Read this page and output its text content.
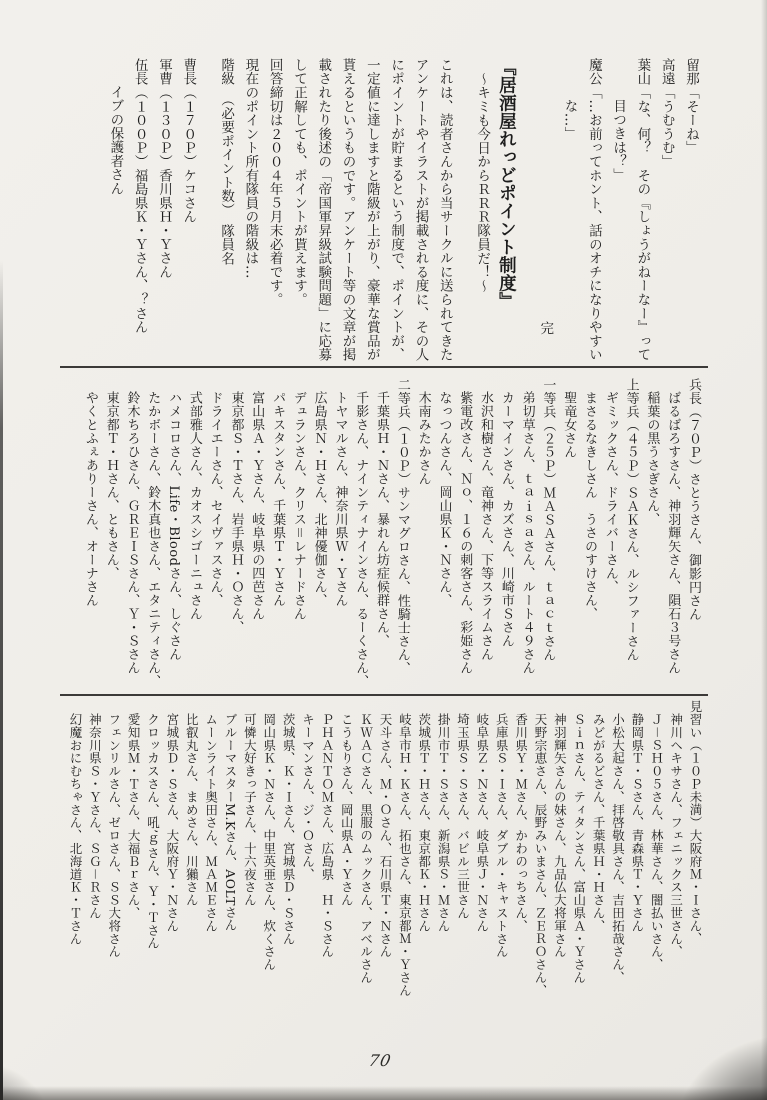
留那「そーね」
高遠「うむうむ」
葉山「な、何？　その『しょうがねーなー』って
目つきは？」
魔公「…お前ってホント、話のオチになりやすい
な…」
完

『居酒屋れっどポイント制度』
～キミも今日からＲＲＲ隊員だ！～

これは、読者さんから当サークルに送られてきた
アンケートやイラストが掲載される度に、その人
にポイントが貯まるという制度で、ポイントが、
一定値に達しますと階級が上がり、豪華な賞品が
貰えるというものです。アンケート等の文章が掲
載されたり後述の「帝国軍昇級試験問題」に応募
して正解しても、ポイントが貰えます。
回答締切は２００４年５月末必着です。
現在のポイント所有隊員の階級は…
階級　（必要ポイント数）　隊員名

曹長（１７０Ｐ）ケコさん
軍曹（１３０Ｐ）香川県Ｈ・Ｙさん
伍長（１００Ｐ）福島県Ｋ・Ｙさん、？さん
イブの保護者さん
兵長（７０Ｐ）さとうさん、御影円さん
ばるばろすさん、神羽輝矢さん、隕石３号さん
稲葉の黒うさぎさん、
上等兵（４５Ｐ）ＳＡＫさん、ルシファーさん
ギミックさん、ドライバーさん、
まさるなきしさん　うさのすけさん、
聖竜女さん
一等兵（２５Ｐ）ＭＡＳＡさん、ｔａｃｔさん
弟切草さん、ｔａｉｓａさん、ルート４９さん
カーマインさん、カズさん、川崎市Ｓさん
水沢和樹さん、竜神さん、下等スライムさん
紫電改さん、Ｎｏ、１６の刺客さん、彩姫さん
なっつんさん、岡山県Ｋ・Ｎさん、
木南みたかさん
二等兵（１０Ｐ）サンマグロさん、性騎士さん、
千葉県Ｈ・Ｎさん、暴れん坊症候群さん、
千影さん、ナインティナインさん、るーくさん、
トヤマルさん、神奈川県Ｗ・Ｙさん
広島県Ｎ・Ｈさん、北神優伽さん、
デュランさん、クリス＝レナードさん
パキスタンさん、千葉県Ｔ・Ｙさん
富山県Ａ・Ｙさん、岐阜県の四芭さん
東京都Ｓ・Ｔさん、岩手県Ｈ・Ｏさん、
ドライエーさん、セイヴァスさん、
式部雅人さん、カオスシゴーニュさん
ハメコロさん、Life・Bloodさん、しぐさん
たかボーさん、鈴木真也さん、エタニティさん、
鈴木ちろひさん、ＧＲＥＩＳさん、Ｙ・Ｓさん
東京都Ｔ・Ｈさん、ともさん、
やくとふぇありーさん、オーナさん
見習い（１０Ｐ未満）大阪府Ｍ・Ｉさん、
神川ヘキサさん、フェニックス三世さん、
Ｊ－ＳＨ０５さん、林華さん、闇払いさん、
静岡県Ｔ・Ｓさん、青森県Ｔ・Ｙさん
小松大起さん、拝啓敬具さん、吉田拓哉さん、
みどがるどさん、千葉県Ｈ・Ｈさん、
Ｓｉｎさん、ティタンさん、富山県Ａ・Ｙさん
神羽輝矢さんの妹さん、九品仏大将軍さん
天野宗恵さん、辰野みいまさん、ＺＥＲＯさん、
香川県Ｙ・Ｍさん、かわのっちさん、
兵庫県Ｓ・Ｉさん、ダブル・キャストさん
岐阜県Ｚ・Ｎさん、岐阜県Ｊ・Ｎさん
埼玉県Ｓ・Ｓさん、バビル三世さん
掛川市Ｔ・Ｓさん、新潟県Ｓ・Ｍさん
茨城県Ｔ・Ｈさん、東京都Ｋ・Ｈさん
岐阜市Ｈ・Ｋさん、拓也さん、東京都Ｍ・Ｙさん
天斗さん、Ｍ・Ｏさん、石川県Ｔ・Ｎさん
ＫＷＡＣさん、黒服のムックさん、アベルさん
こうもりさん、岡山県Ａ・Ｙさん
ＰＨＡＮＴＯＭさん、広島県　Ｈ・Ｓさん
キーマンさん、ジ・Ｏさん、
茨城県、Ｋ・Ｉさん、宮城県Ｄ・Ｓさん
岡山県Ｋ・Ｎさん、中里英亜さん、炊くさん
可憐大好きっ子さん、十六夜さん
ブルーマスターM.Kさん、AOLTさん
ムーンライト奥田さん、ＭＡＭＥさん
比叡丸さん、まめさん、川獺さん
宮城県Ｄ・Ｓさん、大阪府Ｙ・Ｎさん
クロッカスさん、吼’ｇさん、Ｙ・Ｔさん
愛知県Ｍ・Ｔさん、大福Ｂｒさん、
フェンリルさん、ゼロさん、ＳＳ大将さん
神奈川県Ｓ・Ｙさん、ＳＧ－Ｒさん
幻魔おにむちゃさん、北海道Ｋ・Ｔさん
70
